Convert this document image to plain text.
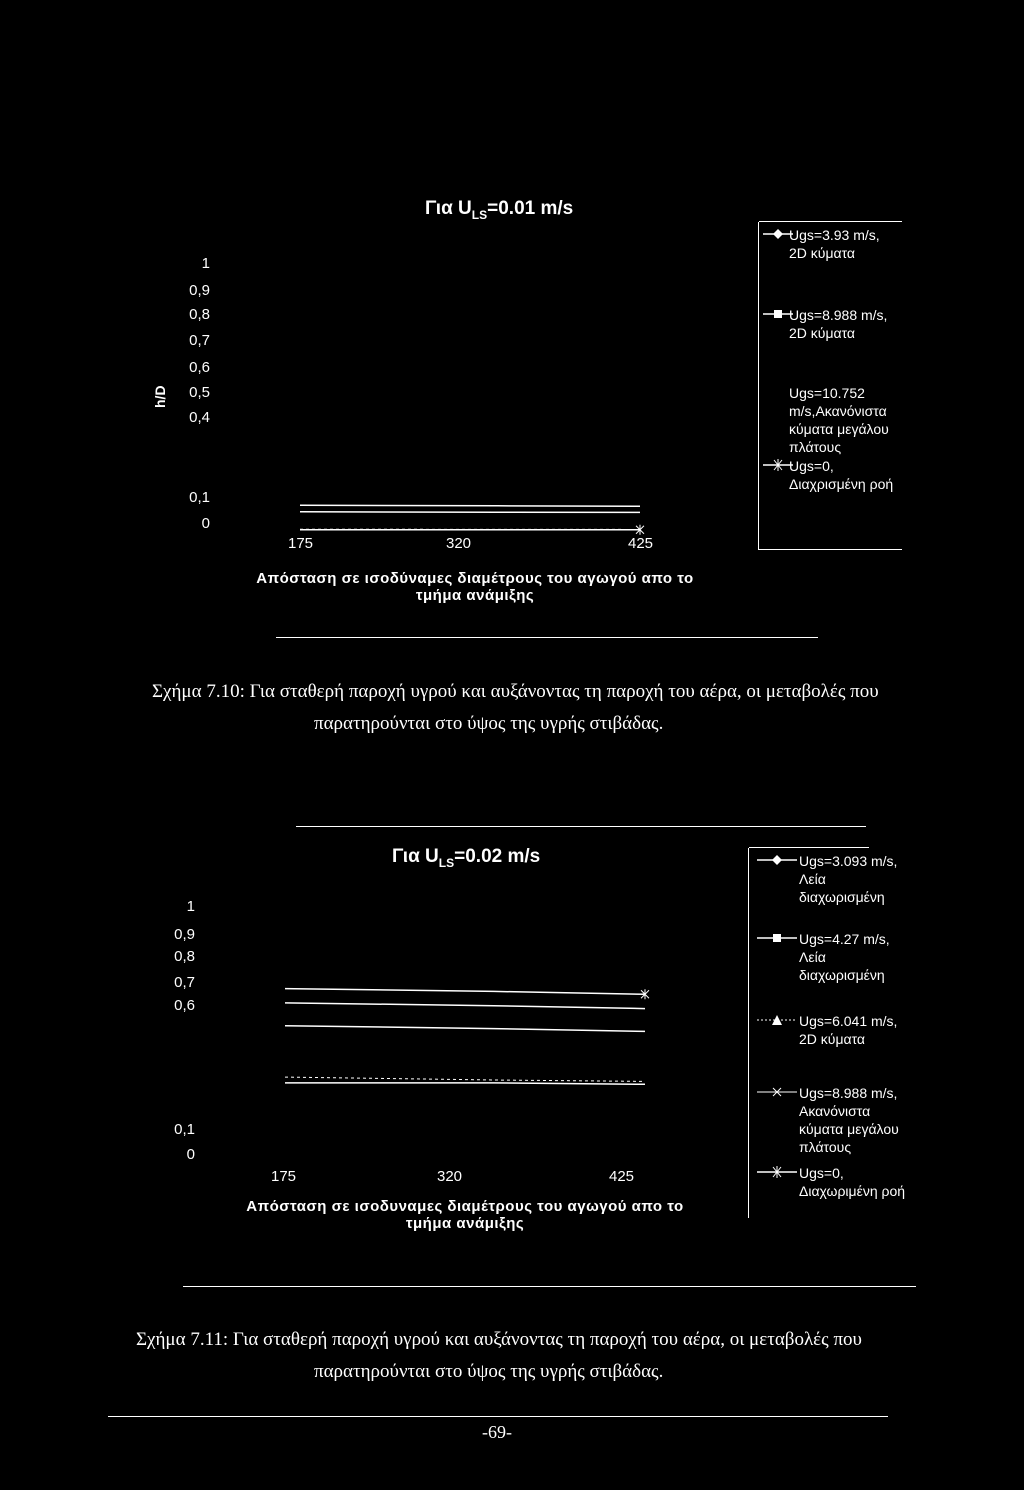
Για $U_{LS}=0.01$ m/s
h/D
1
0,9
0,8
0,7
0,6
0,5
0,4
0,1
0
175	320	425
Απόσταση σε ισοδύναμες διαμέτρους του αγωγού απο το τμήμα ανάμιξης
Ugs=3.93 m/s,
2D κύματα
Ugs=8.988 m/s,
2D κύματα
Ugs=10.752
m/s,Ακανόνιστα
κύματα μεγάλου
πλάτους
Ugs=0,
Διαχρισμένη ροή
Σχήμα 7.10: Για σταθερή παροχή υγρού και αυξάνοντας τη παροχή του αέρα, οι μεταβολές που
παρατηρούνται στο ύψος της υγρής στιβάδας.
Για $U_{LS}=0.02$ m/s
1
0,9
0,8
0,7
0,6
0,1
0
175	320	425
Απόσταση σε ισοδυναμες διαμέτρους του αγωγού απο το τμήμα ανάμιξης
Ugs=3.093 m/s,
Λεία
διαχωρισμένη
Ugs=4.27 m/s,
Λεία
διαχωρισμένη
Ugs=6.041 m/s,
2D κύματα
Ugs=8.988 m/s,
Ακανόνιστα
κύματα μεγάλου
πλάτους
Ugs=0,
Διαχωριμένη ροή
Σχήμα 7.11: Για σταθερή παροχή υγρού και αυξάνοντας τη παροχή του αέρα, οι μεταβολές που
παρατηρούνται στο ύψος της υγρής στιβάδας.
-69-
